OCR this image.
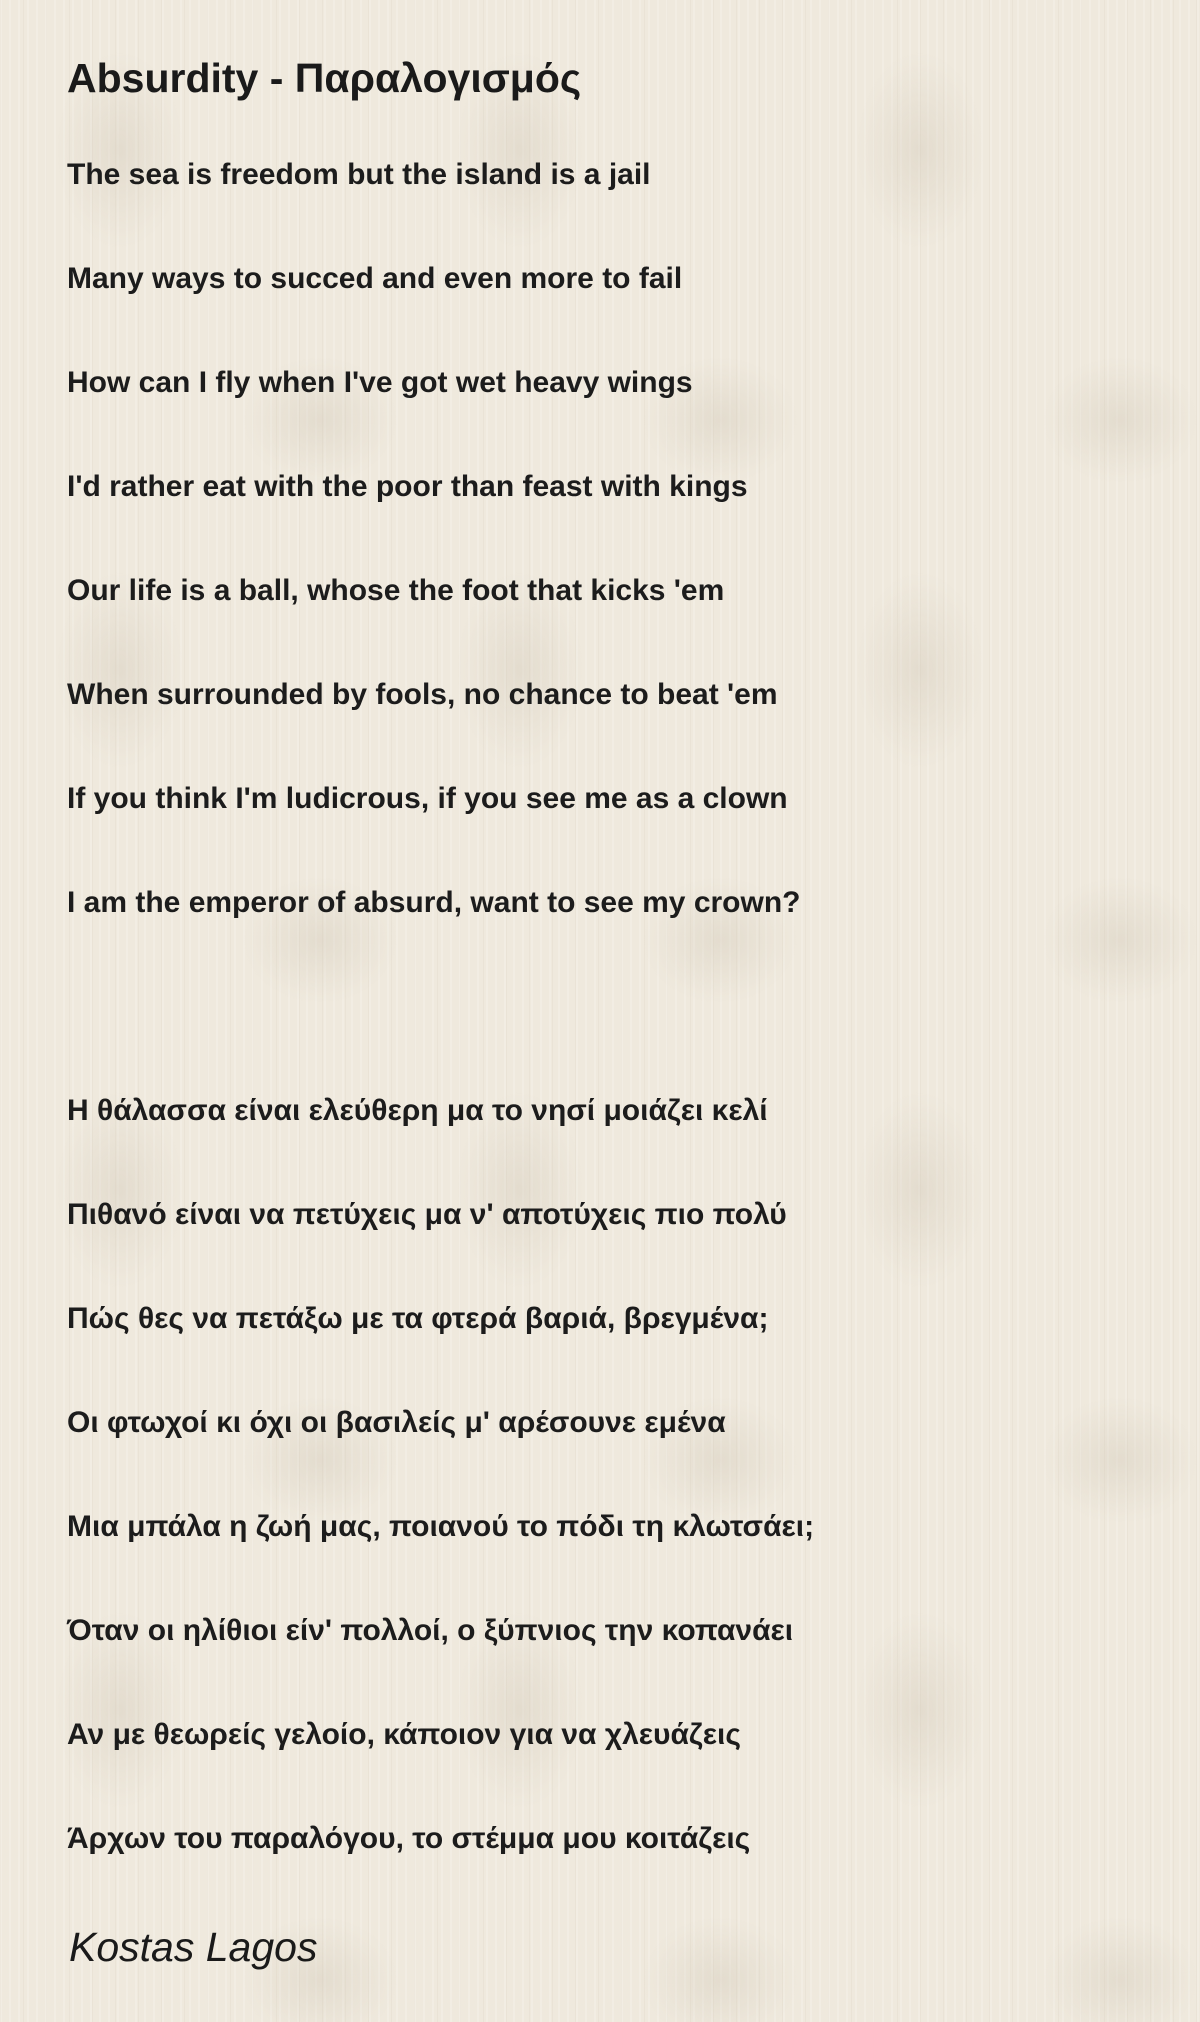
Absurdity - Παραλογισμός

The sea is freedom but the island is a jail

Many ways to succed and even more to fail

How can I fly when I've got wet heavy wings

I'd rather eat with the poor than feast with kings

Our life is a ball, whose the foot that kicks 'em

When surrounded by fools, no chance to beat 'em

If you think I'm ludicrous, if you see me as a clown

I am the emperor of absurd, want to see my crown?

Η θάλασσα είναι ελεύθερη μα το νησί μοιάζει κελί

Πιθανό είναι να πετύχεις μα ν' αποτύχεις πιο πολύ

Πώς θες να πετάξω με τα φτερά βαριά, βρεγμένα;

Οι φτωχοί κι όχι οι βασιλείς μ' αρέσουνε εμένα

Μια μπάλα η ζωή μας, ποιανού το πόδι τη κλωτσάει;

Όταν οι ηλίθιοι είν' πολλοί, ο ξύπνιος την κοπανάει

Αν με θεωρείς γελοίο, κάποιον για να χλευάζεις

Άρχων του παραλόγου, το στέμμα μου κοιτάζεις

Kostas Lagos
